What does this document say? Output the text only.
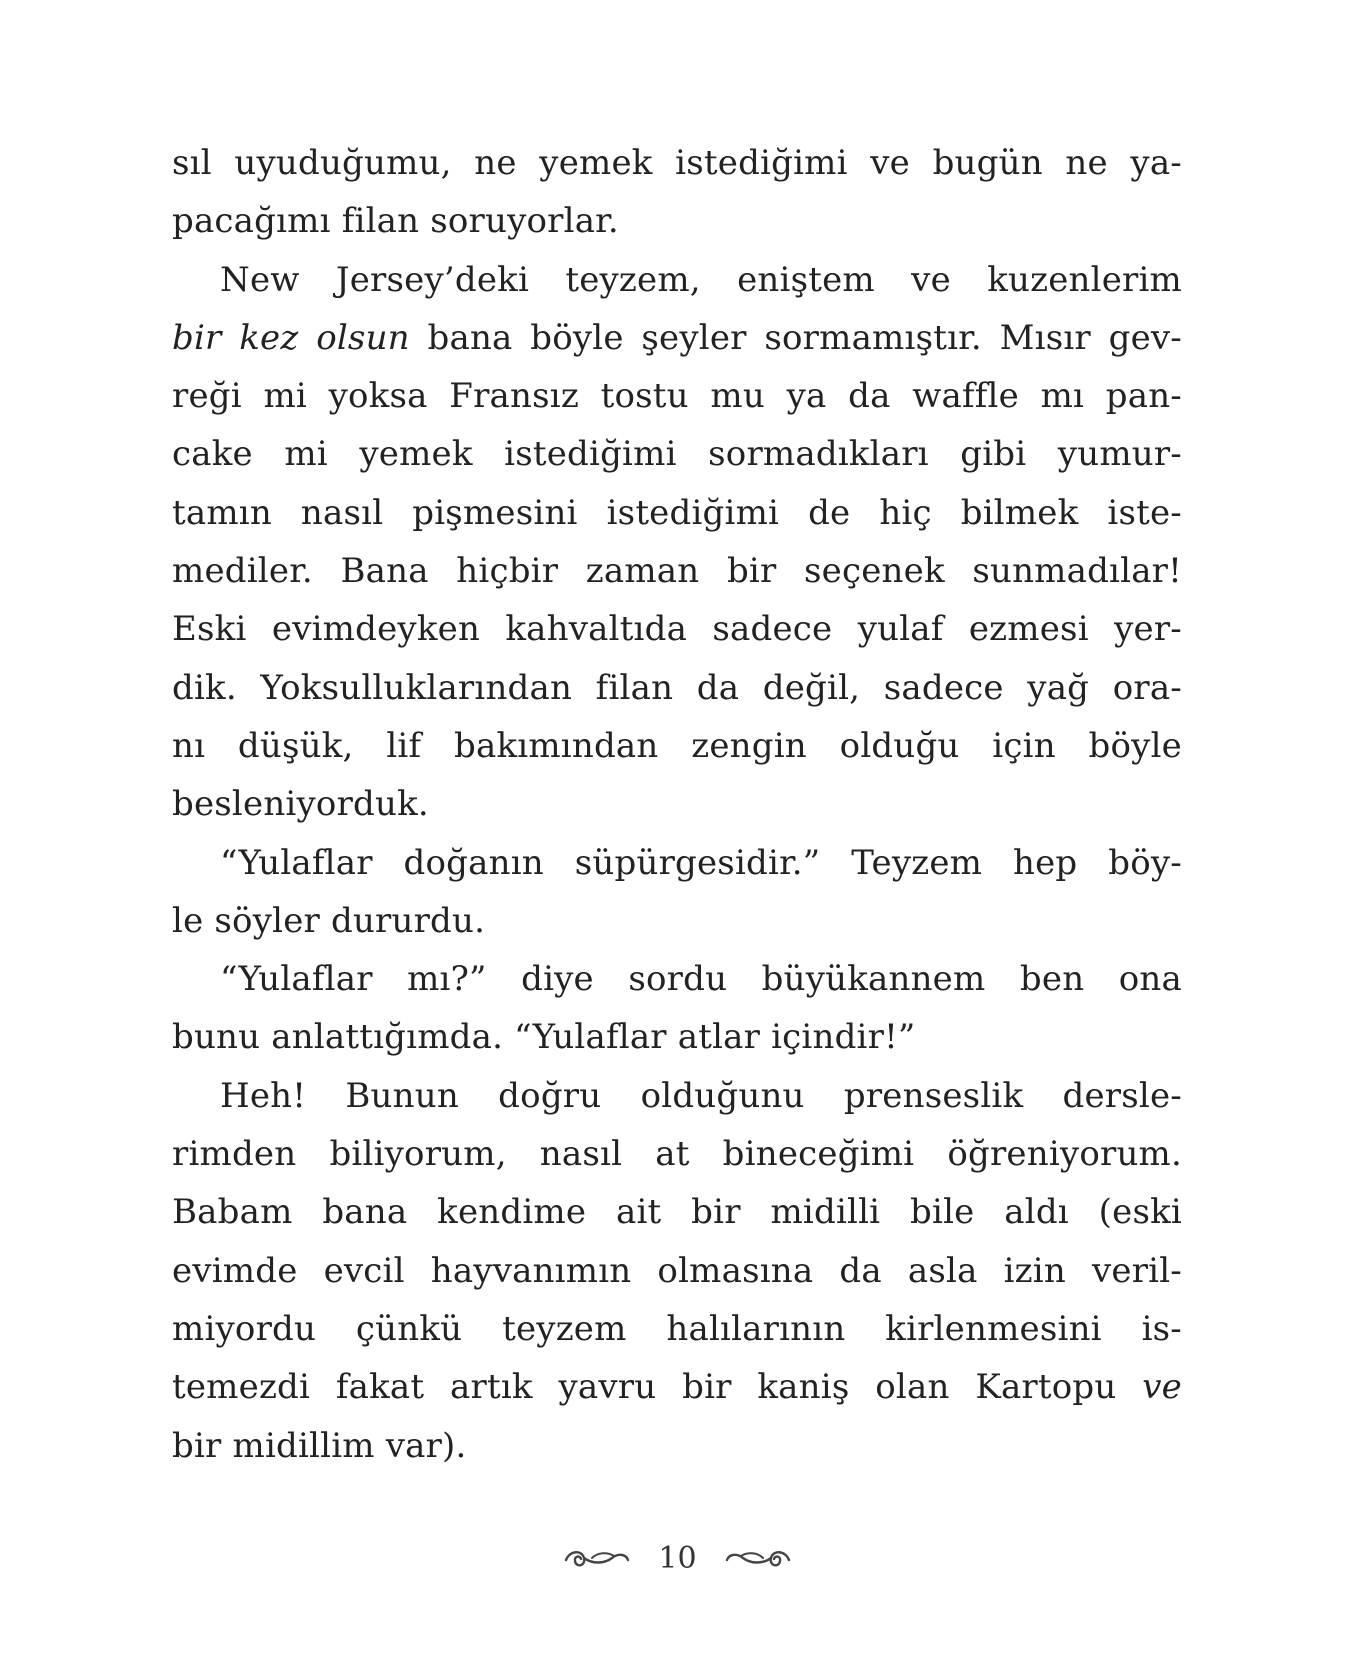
sıl uyuduğumu, ne yemek istediğimi ve bugün ne ya-
pacağımı filan soruyorlar.
New Jersey’deki teyzem, eniştem ve kuzenlerim
bir kez olsun bana böyle şeyler sormamıştır. Mısır gev-
reği mi yoksa Fransız tostu mu ya da waffle mı pan-
cake mi yemek istediğimi sormadıkları gibi yumur-
tamın nasıl pişmesini istediğimi de hiç bilmek iste-
mediler. Bana hiçbir zaman bir seçenek sunmadılar!
Eski evimdeyken kahvaltıda sadece yulaf ezmesi yer-
dik. Yoksulluklarından filan da değil, sadece yağ ora-
nı düşük, lif bakımından zengin olduğu için böyle
besleniyorduk.
“Yulaflar doğanın süpürgesidir.” Teyzem hep böy-
le söyler dururdu.
“Yulaflar mı?” diye sordu büyükannem ben ona
bunu anlattığımda. “Yulaflar atlar içindir!”
Heh! Bunun doğru olduğunu prenseslik dersle-
rimden biliyorum, nasıl at bineceğimi öğreniyorum.
Babam bana kendime ait bir midilli bile aldı (eski
evimde evcil hayvanımın olmasına da asla izin veril-
miyordu çünkü teyzem halılarının kirlenmesini is-
temezdi fakat artık yavru bir kaniş olan Kartopu ve
bir midillim var).
10
